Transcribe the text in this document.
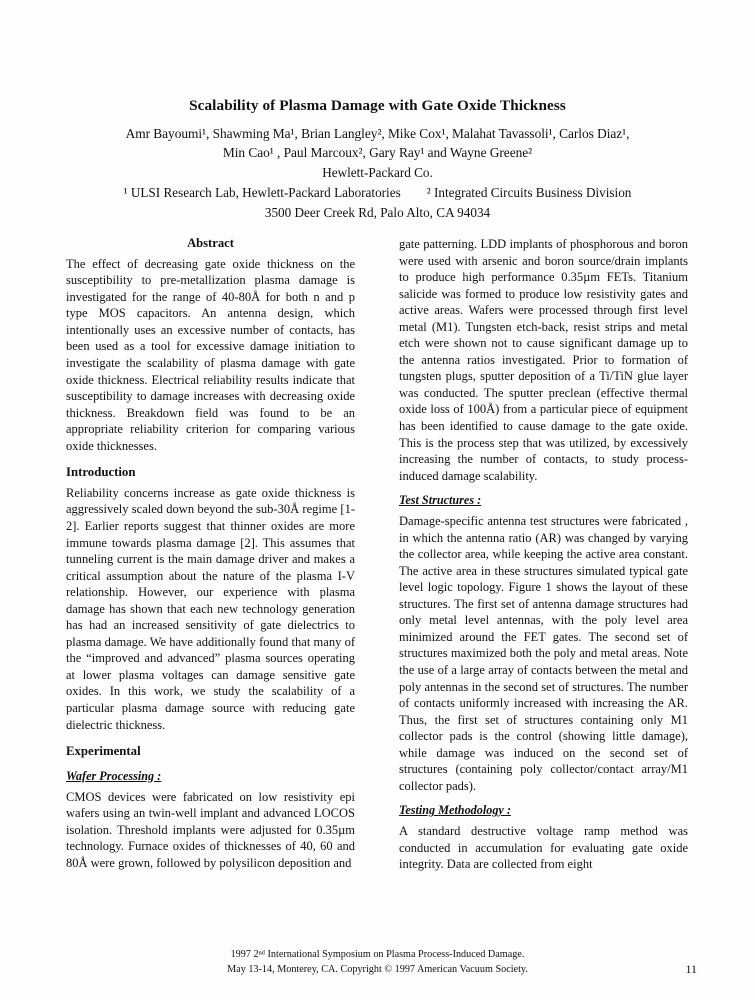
Scalability of Plasma Damage with Gate Oxide Thickness

Amr Bayoumi¹, Shawming Ma¹, Brian Langley², Mike Cox¹, Malahat Tavassoli¹, Carlos Diaz¹,

Min Cao¹ , Paul Marcoux², Gary Ray¹ and Wayne Greene²

Hewlett-Packard Co.

¹ ULSI Research Lab, Hewlett-Packard Laboratories ² Integrated Circuits Business Division

3500 Deer Creek Rd, Palo Alto, CA 94034

Abstract

The effect of decreasing gate oxide thickness on the susceptibility to pre-metallization plasma damage is investigated for the range of 40-80Å for both n and p type MOS capacitors. An antenna design, which intentionally uses an excessive number of contacts, has been used as a tool for excessive damage initiation to investigate the scalability of plasma damage with gate oxide thickness. Electrical reliability results indicate that susceptibility to damage increases with decreasing oxide thickness. Breakdown field was found to be an appropriate reliability criterion for comparing various oxide thicknesses.

Introduction

Reliability concerns increase as gate oxide thickness is aggressively scaled down beyond the sub-30Å regime [1-2]. Earlier reports suggest that thinner oxides are more immune towards plasma damage [2]. This assumes that tunneling current is the main damage driver and makes a critical assumption about the nature of the plasma I-V relationship. However, our experience with plasma damage has shown that each new technology generation has had an increased sensitivity of gate dielectrics to plasma damage. We have additionally found that many of the “improved and advanced” plasma sources operating at lower plasma voltages can damage sensitive gate oxides. In this work, we study the scalability of a particular plasma damage source with reducing gate dielectric thickness.

Experimental
Wafer Processing :

CMOS devices were fabricated on low resistivity epi wafers using an twin-well implant and advanced LOCOS isolation. Threshold implants were adjusted for 0.35µm technology. Furnace oxides of thicknesses of 40, 60 and 80Å were grown, followed by polysilicon deposition and

gate patterning. LDD implants of phosphorous and boron were used with arsenic and boron source/drain implants to produce high performance 0.35µm FETs. Titanium salicide was formed to produce low resistivity gates and active areas. Wafers were processed through first level metal (M1). Tungsten etch-back, resist strips and metal etch were shown not to cause significant damage up to the antenna ratios investigated. Prior to formation of tungsten plugs, sputter deposition of a Ti/TiN glue layer was conducted. The sputter preclean (effective thermal oxide loss of 100Å) from a particular piece of equipment has been identified to cause damage to the gate oxide. This is the process step that was utilized, by excessively increasing the number of contacts, to study process-induced damage scalability.

Test Structures :

Damage-specific antenna test structures were fabricated , in which the antenna ratio (AR) was changed by varying the collector area, while keeping the active area constant. The active area in these structures simulated typical gate level logic topology. Figure 1 shows the layout of these structures. The first set of antenna damage structures had only metal level antennas, with the poly level area minimized around the FET gates. The second set of structures maximized both the poly and metal areas. Note the use of a large array of contacts between the metal and poly antennas in the second set of structures. The number of contacts uniformly increased with increasing the AR. Thus, the first set of structures containing only M1 collector pads is the control (showing little damage), while damage was induced on the second set of structures (containing poly collector/contact array/M1 collector pads).

Testing Methodology :

A standard destructive voltage ramp method was conducted in accumulation for evaluating gate oxide integrity. Data are collected from eight

1997 2ⁿᵈ International Symposium on Plasma Process-Induced Damage.
May 13-14, Monterey, CA. Copyright © 1997 American Vacuum Society.	11
